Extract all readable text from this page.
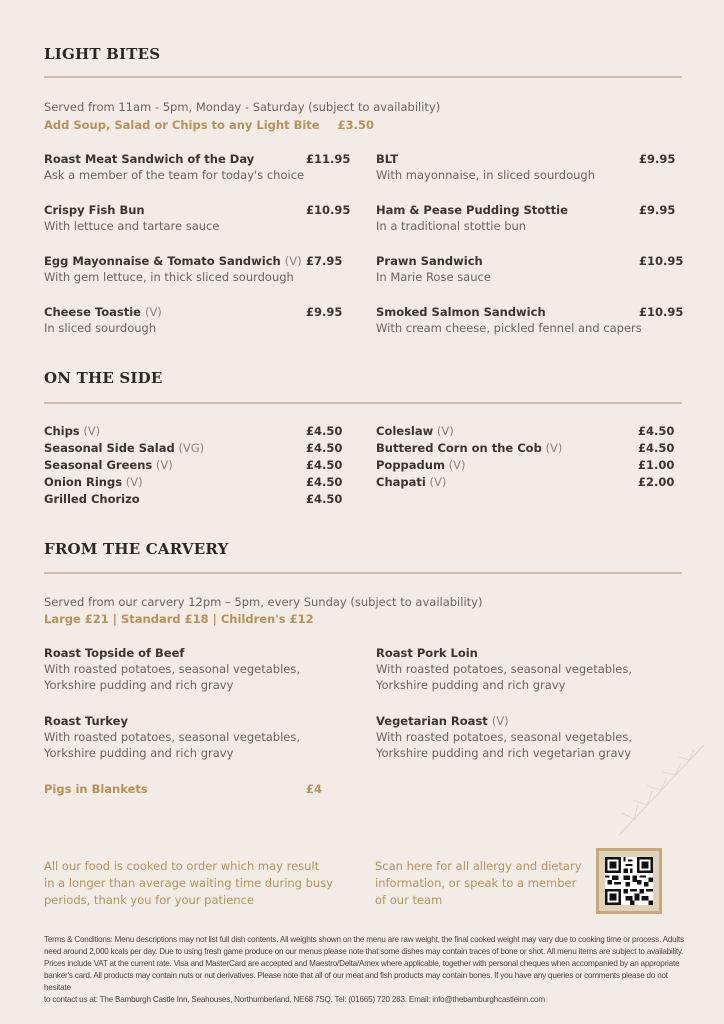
LIGHT BITES
Served from 11am - 5pm, Monday - Saturday (subject to availability)
Add Soup, Salad or Chips to any Light Bite £3.50
Roast Meat Sandwich of the Day	£11.95
Ask a member of the team for today's choice
BLT	£9.95
With mayonnaise, in sliced sourdough
Crispy Fish Bun	£10.95
With lettuce and tartare sauce
Ham & Pease Pudding Stottie	£9.95
In a traditional stottie bun
Egg Mayonnaise & Tomato Sandwich (V) £7.95
With gem lettuce, in thick sliced sourdough
Prawn Sandwich	£10.95
In Marie Rose sauce
Cheese Toastie (V)	£9.95
In sliced sourdough
Smoked Salmon Sandwich	£10.95
With cream cheese, pickled fennel and capers
ON THE SIDE
Chips (V)	£4.50
Seasonal Side Salad (VG)	£4.50
Seasonal Greens (V)	£4.50
Onion Rings (V)	£4.50
Grilled Chorizo	£4.50
Coleslaw (V)	£4.50
Buttered Corn on the Cob (V)	£4.50
Poppadum (V)	£1.00
Chapati (V)	£2.00
FROM THE CARVERY
Served from our carvery 12pm – 5pm, every Sunday (subject to availability)
Large £21 | Standard £18 | Children's £12
Roast Topside of Beef
With roasted potatoes, seasonal vegetables,
Yorkshire pudding and rich gravy
Roast Pork Loin
With roasted potatoes, seasonal vegetables,
Yorkshire pudding and rich gravy
Roast Turkey
With roasted potatoes, seasonal vegetables,
Yorkshire pudding and rich gravy
Vegetarian Roast (V)
With roasted potatoes, seasonal vegetables,
Yorkshire pudding and rich vegetarian gravy
Pigs in Blankets	£4
All our food is cooked to order which may result
in a longer than average waiting time during busy
periods, thank you for your patience
Scan here for all allergy and dietary
information, or speak to a member
of our team
Terms & Conditions: Menu descriptions may not list full dish contents. All weights shown on the menu are raw weight, the final cooked weight may vary due to cooking time or process. Adults
need around 2,000 kcals per day. Due to using fresh game produce on our menus please note that some dishes may contain traces of bone or shot. All menu items are subject to availability.
Prices include VAT at the current rate. Visa and MasterCard are accepted and Maestro/Delta/Amex where applicable, together with personal cheques when accompanied by an appropriate
banker's card. All products may contain nuts or nut derivatives. Please note that all of our meat and fish products may contain bones. If you have any queries or comments please do not hesitate
to contact us at: The Bamburgh Castle Inn, Seahouses, Northumberland, NE68 7SQ. Tel: (01665) 720 283. Email: info@thebamburghcastleinn.com
